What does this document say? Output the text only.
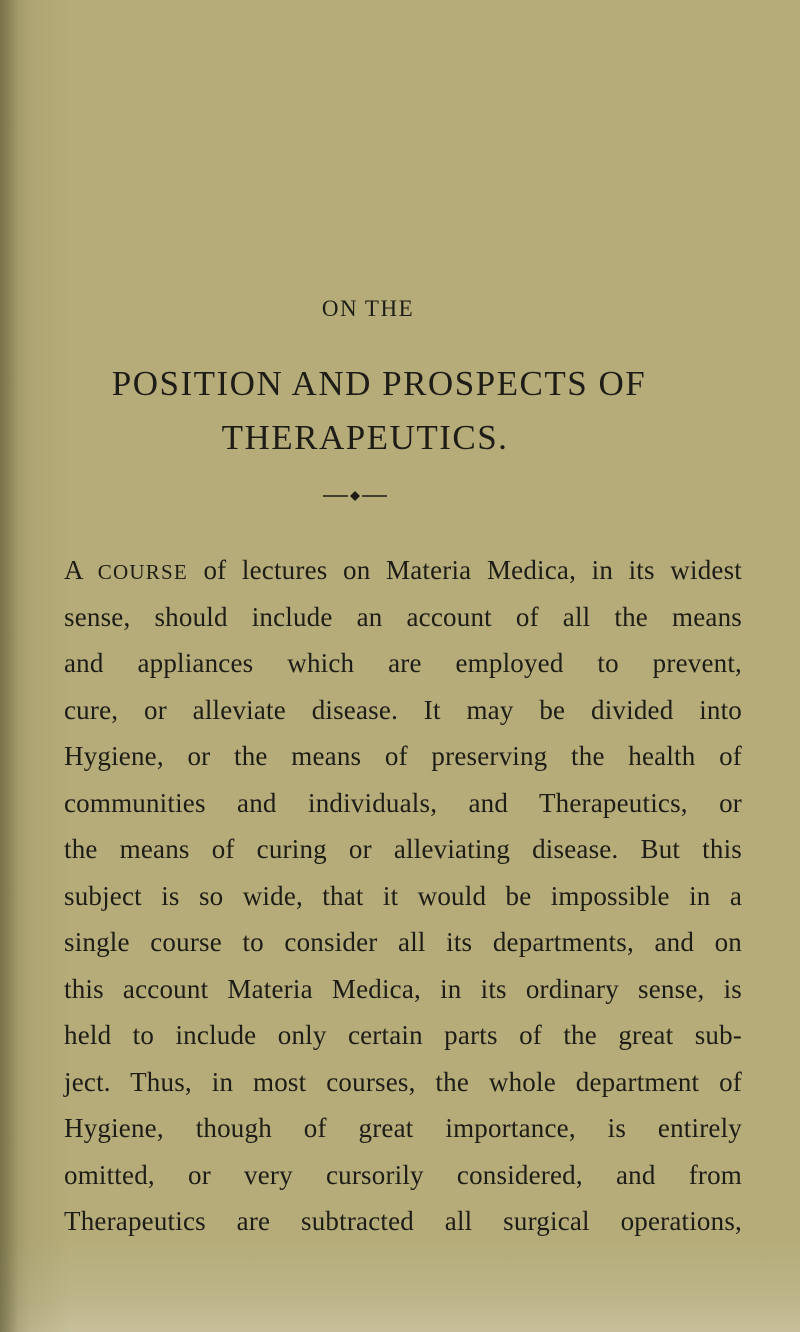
ON THE
POSITION AND PROSPECTS OF
THERAPEUTICS.
A COURSE of lectures on Materia Medica, in its widest
sense, should include an account of all the means
and appliances which are employed to prevent,
cure, or alleviate disease. It may be divided into
Hygiene, or the means of preserving the health of
communities and individuals, and Therapeutics, or
the means of curing or alleviating disease. But this
subject is so wide, that it would be impossible in a
single course to consider all its departments, and on
this account Materia Medica, in its ordinary sense, is
held to include only certain parts of the great sub-
ject. Thus, in most courses, the whole department of
Hygiene, though of great importance, is entirely
omitted, or very cursorily considered, and from
Therapeutics are subtracted all surgical operations,
